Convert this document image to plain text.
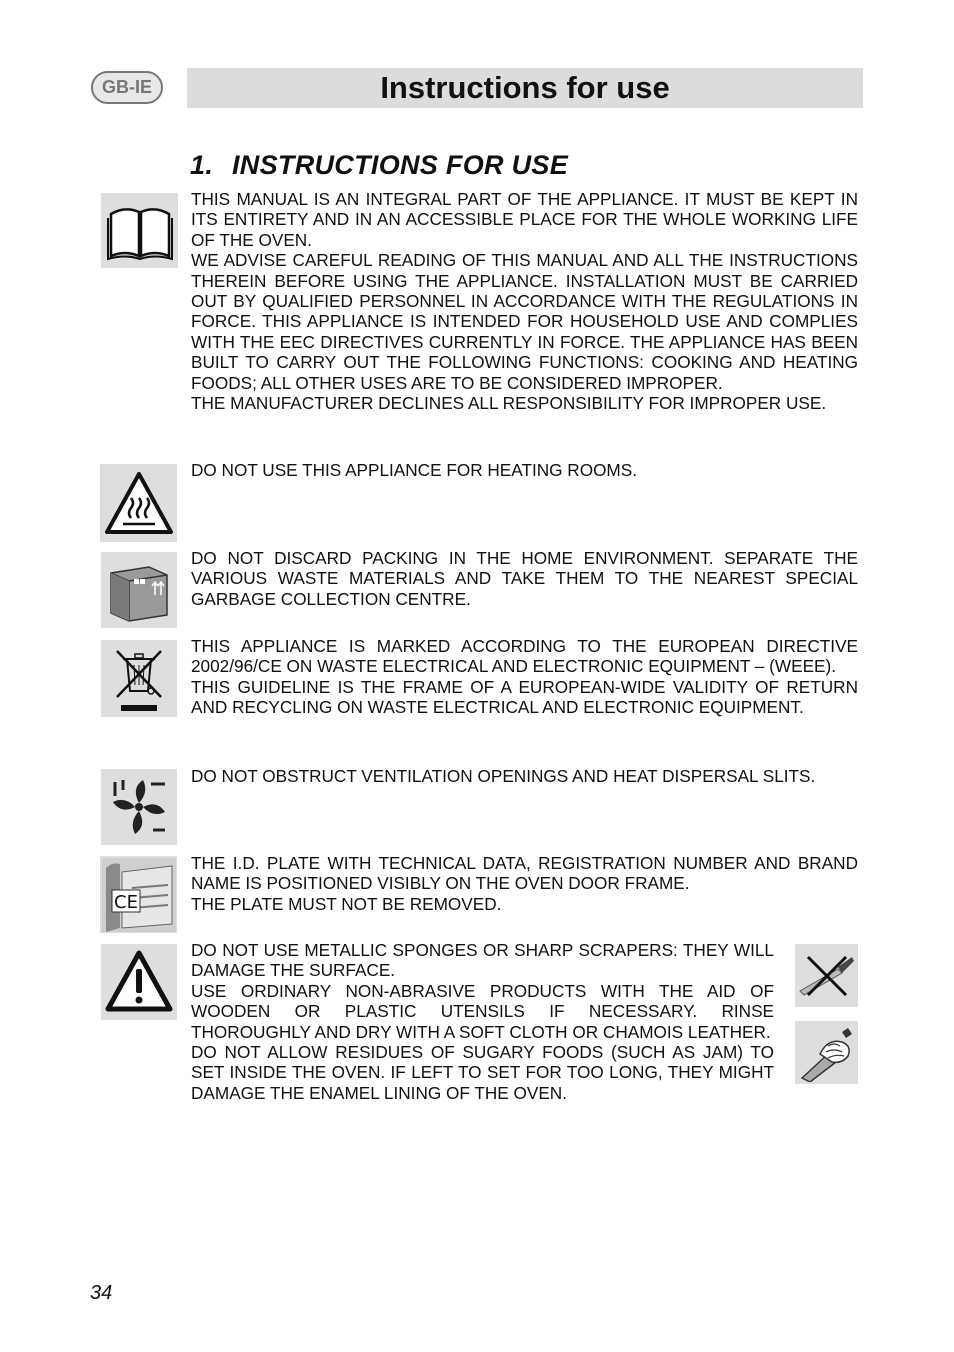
GB-IE	Instructions for use
1. INSTRUCTIONS FOR USE

THIS MANUAL IS AN INTEGRAL PART OF THE APPLIANCE. IT MUST BE KEPT IN ITS ENTIRETY AND IN AN ACCESSIBLE PLACE FOR THE WHOLE WORKING LIFE OF THE OVEN.

WE ADVISE CAREFUL READING OF THIS MANUAL AND ALL THE INSTRUCTIONS THEREIN BEFORE USING THE APPLIANCE. INSTALLATION MUST BE CARRIED OUT BY QUALIFIED PERSONNEL IN ACCORDANCE WITH THE REGULATIONS IN FORCE. THIS APPLIANCE IS INTENDED FOR HOUSEHOLD USE AND COMPLIES WITH THE EEC DIRECTIVES CURRENTLY IN FORCE. THE APPLIANCE HAS BEEN BUILT TO CARRY OUT THE FOLLOWING FUNCTIONS: COOKING AND HEATING FOODS; ALL OTHER USES ARE TO BE CONSIDERED IMPROPER.

THE MANUFACTURER DECLINES ALL RESPONSIBILITY FOR IMPROPER USE.

DO NOT USE THIS APPLIANCE FOR HEATING ROOMS.

DO NOT DISCARD PACKING IN THE HOME ENVIRONMENT. SEPARATE THE VARIOUS WASTE MATERIALS AND TAKE THEM TO THE NEAREST SPECIAL GARBAGE COLLECTION CENTRE.

THIS APPLIANCE IS MARKED ACCORDING TO THE EUROPEAN DIRECTIVE 2002/96/CE ON WASTE ELECTRICAL AND ELECTRONIC EQUIPMENT – (WEEE).

THIS GUIDELINE IS THE FRAME OF A EUROPEAN-WIDE VALIDITY OF RETURN AND RECYCLING ON WASTE ELECTRICAL AND ELECTRONIC EQUIPMENT.

DO NOT OBSTRUCT VENTILATION OPENINGS AND HEAT DISPERSAL SLITS.

CE

THE I.D. PLATE WITH TECHNICAL DATA, REGISTRATION NUMBER AND BRAND NAME IS POSITIONED VISIBLY ON THE OVEN DOOR FRAME.

THE PLATE MUST NOT BE REMOVED.

DO NOT USE METALLIC SPONGES OR SHARP SCRAPERS: THEY WILL DAMAGE THE SURFACE.

USE ORDINARY NON-ABRASIVE PRODUCTS WITH THE AID OF WOODEN OR PLASTIC UTENSILS IF NECESSARY. RINSE THOROUGHLY AND DRY WITH A SOFT CLOTH OR CHAMOIS LEATHER.

DO NOT ALLOW RESIDUES OF SUGARY FOODS (SUCH AS JAM) TO SET INSIDE THE OVEN. IF LEFT TO SET FOR TOO LONG, THEY MIGHT DAMAGE THE ENAMEL LINING OF THE OVEN.

34
